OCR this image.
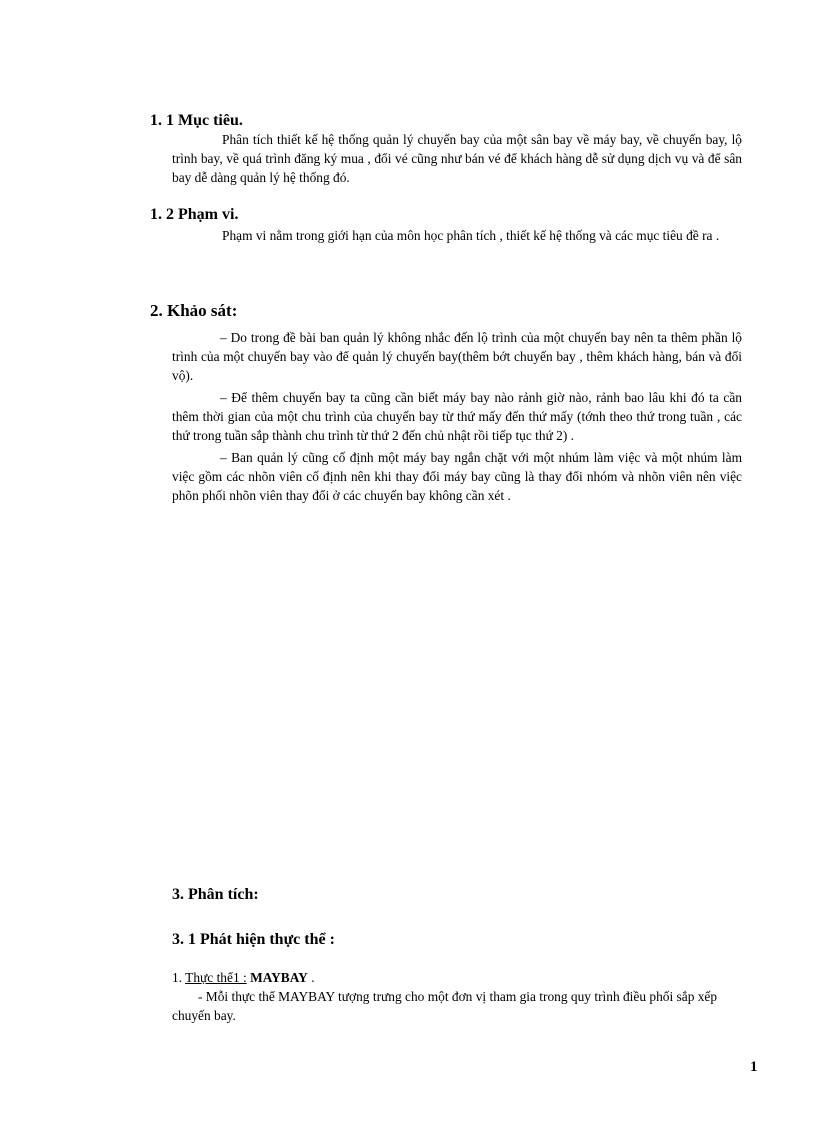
1. 1 Mục tiêu.

Phân tích thiết kế hệ thống quản lý chuyến bay của một sân bay về máy bay, về chuyến bay, lộ trình bay, về quá trình đăng ký mua , đổi vé cũng như bán vé để khách hàng dễ sử dụng dịch vụ và để sân bay dễ dàng quản lý hệ thống đó.

1. 2 Phạm vi.

Phạm vi nằm trong giới hạn của môn học phân tích , thiết kế hệ thống và các mục tiêu đề ra .

2. Khảo sát:

– Do trong đề bài ban quản lý không nhắc đến lộ trình của một chuyến bay nên ta thêm phần lộ trình của một chuyến bay vào để quản lý chuyến bay(thêm bớt chuyến bay , thêm khách hàng, bán và đổi vộ).

– Để thêm chuyến bay ta cũng cần biết máy bay nào rảnh giờ nào, rảnh bao lâu khi đó ta cần thêm thời gian của một chu trình của chuyến bay từ thứ mấy đến thứ mấy (tớnh theo thứ trong tuần , các thứ trong tuần sắp thành chu trình từ thứ 2 đến chủ nhật rồi tiếp tục thứ 2) .

– Ban quản lý cũng cố định một máy bay ngắn chặt với một nhúm làm việc và một nhúm làm việc gồm các nhõn viên cố định nên khi thay đổi máy bay cũng là thay đổi nhóm và nhõn viên nên việc phõn phối nhõn viên thay đổi ở các chuyến bay không cần xét .

3. Phân tích:
3. 1 Phát hiện thực thể :
1. Thực thể1 : MAYBAY .

- Mỗi thực thể MAYBAY tượng trưng cho một đơn vị tham gia trong quy trình điều phối sắp xếp chuyến bay.

1
